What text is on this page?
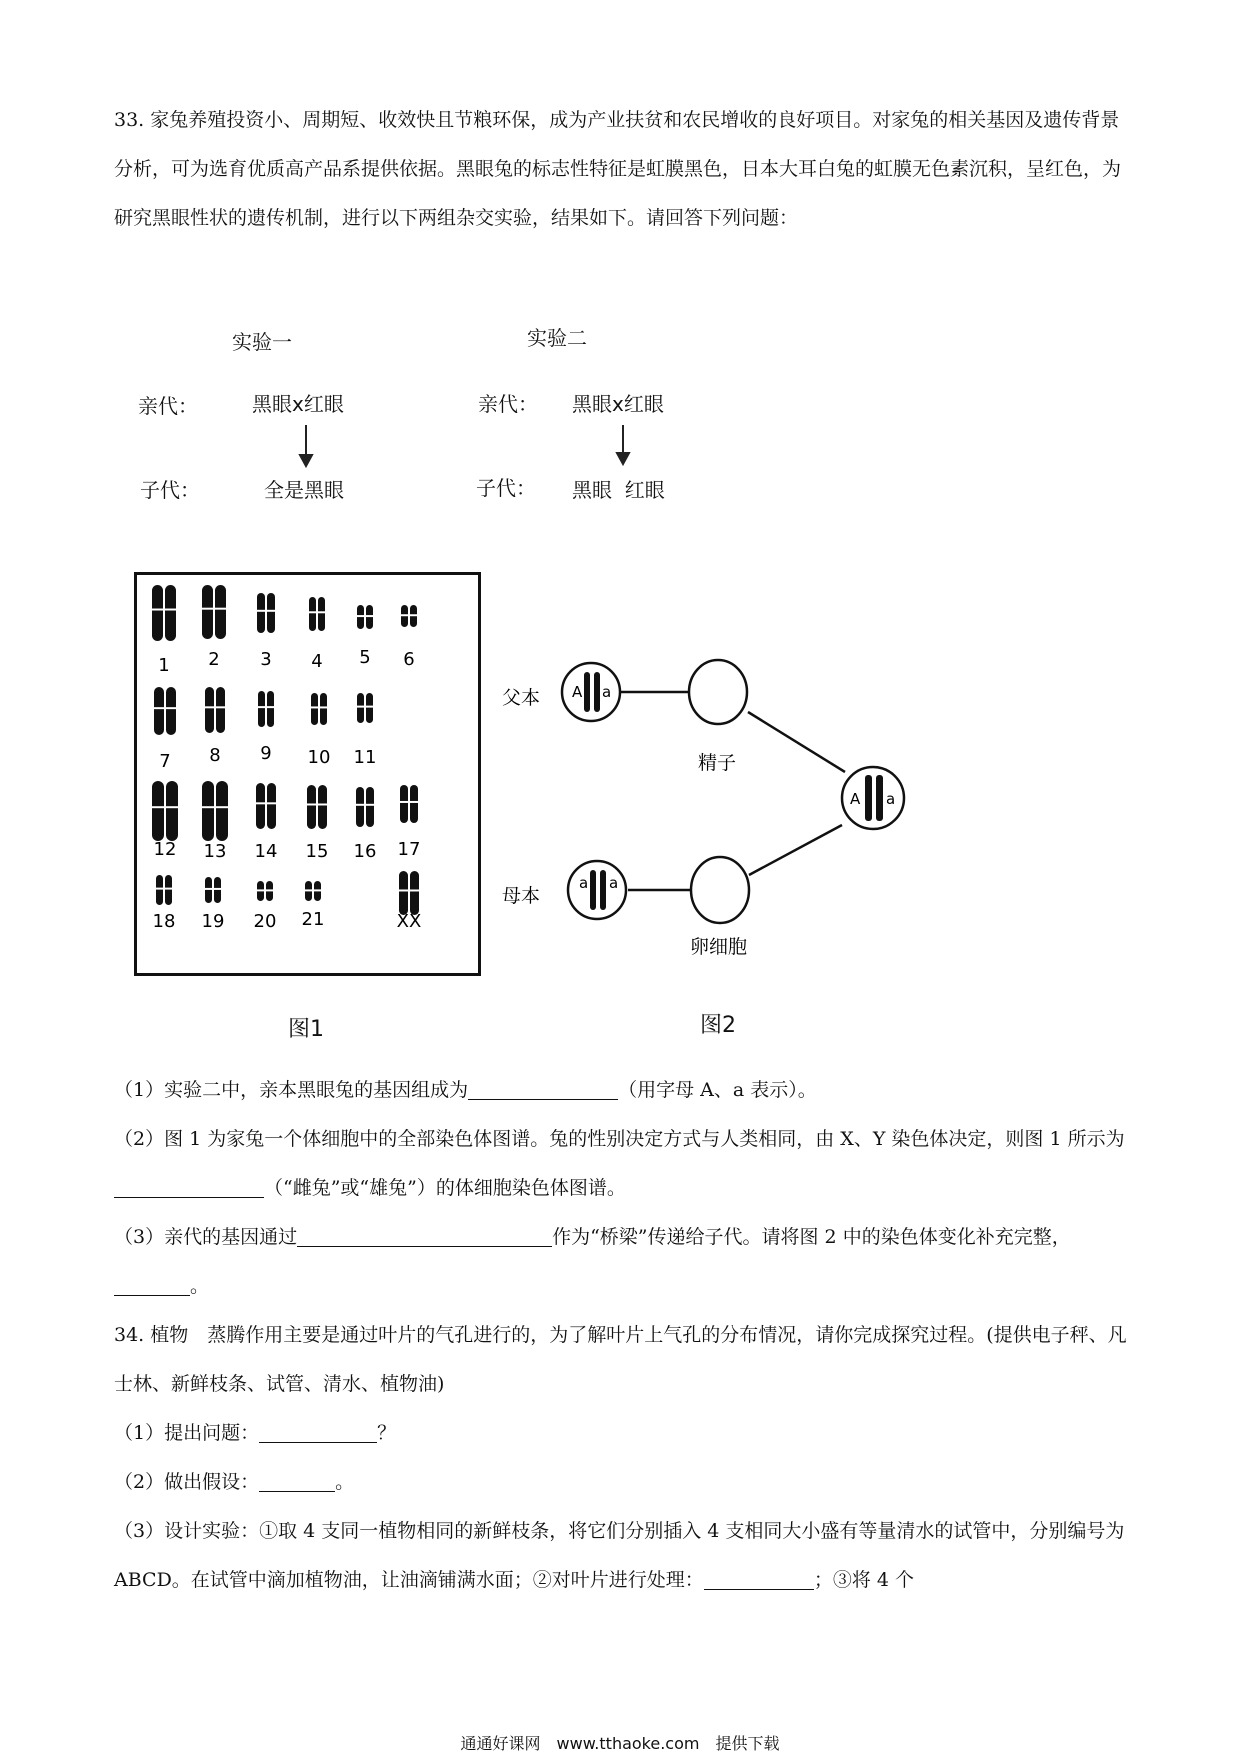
33. 家兔养殖投资小、周期短、收效快且节粮环保，成为产业扶贫和农民增收的良好项目。对家兔的相关基因及遗传背景分析，可为选育优质高产品系提供依据。黑眼兔的标志性特征是虹膜黑色，日本大耳白兔的虹膜无色素沉积，呈红色，为研究黑眼性状的遗传机制，进行以下两组杂交实验，结果如下。请回答下列问题：

实验一
亲代：	黑眼x红眼
子代：	全是黑眼
实验二
亲代： 黑眼x红眼
子代： 黑眼  红眼
1 2 3 4 5 6
7 8 9 10 11
12 13 14 15 16 17
18 19 20 21	XX
A a
父本
精子
a a
母本
卵细胞
A a
图1	图2

（1）实验二中，亲本黑眼兔的基因组成为	（用字母 A、a 表示）。

（2）图 1 为家兔一个体细胞中的全部染色体图谱。兔的性别决定方式与人类相同，由 X、Y 染色体决定，则图 1 所示为（“雌兔”或“雄兔”）的体细胞染色体图谱。

（3）亲代的基因通过	作为“桥梁”传递给子代。请将图 2 中的染色体变化补充完整，。

34. 植物　蒸腾作用主要是通过叶片的气孔进行的，为了解叶片上气孔的分布情况，请你完成探究过程。(提供电子秤、凡士林、新鲜枝条、试管、清水、植物油)

（1）提出问题：	？

（2）做出假设：	。

（3）设计实验：①取 4 支同一植物相同的新鲜枝条，将它们分别插入 4 支相同大小盛有等量清水的试管中，分别编号为 ABCD。在试管中滴加植物油，让油滴铺满水面；②对叶片进行处理：	；③将 4 个

通通好课网　www.tthaoke.com　提供下载
